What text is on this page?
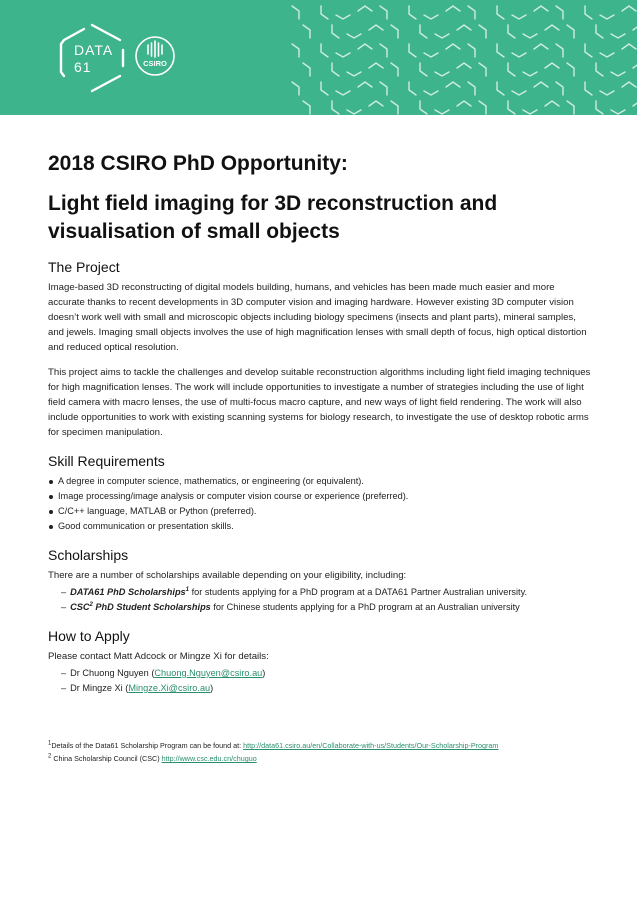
DATA
61	CSIRO
2018 CSIRO PhD Opportunity:
Light field imaging for 3D reconstruction and visualisation of small objects
The Project

Image-based 3D reconstructing of digital models building, humans, and vehicles has been made much easier and more accurate thanks to recent developments in 3D computer vision and imaging hardware. However existing 3D computer vision doesn’t work well with small and microscopic objects including biology specimens (insects and plant parts), mineral samples, and jewels. Imaging small objects involves the use of high magnification lenses with small depth of focus, high optical distortion and reduced optical resolution.

This project aims to tackle the challenges and develop suitable reconstruction algorithms including light field imaging techniques for high magnification lenses. The work will include opportunities to investigate a number of strategies including the use of light field camera with macro lenses, the use of multi-focus macro capture, and new ways of light field rendering. The work will also include opportunities to work with existing scanning systems for biology research, to investigate the use of desktop robotic arms for specimen manipulation.

Skill Requirements
A degree in computer science, mathematics, or engineering (or equivalent).
Image processing/image analysis or computer vision course or experience (preferred).
C/C++ language, MATLAB or Python (preferred).
Good communication or presentation skills.
Scholarships

There are a number of scholarships available depending on your eligibility, including:

– DATA61 PhD Scholarships$^1$ for students applying for a PhD program at a DATA61 Partner Australian university.
– CSC$^2$ PhD Student Scholarships for Chinese students applying for a PhD program at an Australian university
How to Apply

Please contact Matt Adcock or Mingze Xi for details:

– Dr Chuong Nguyen (Chuong.Nguyen@csiro.au)
– Dr Mingze Xi (Mingze.Xi@csiro.au)
$^1$Details of the Data61 Scholarship Program can be found at: http://data61.csiro.au/en/Collaborate-with-us/Students/Our-Scholarship-Program
$^2$ China Scholarship Council (CSC) http://www.csc.edu.cn/chuguo
